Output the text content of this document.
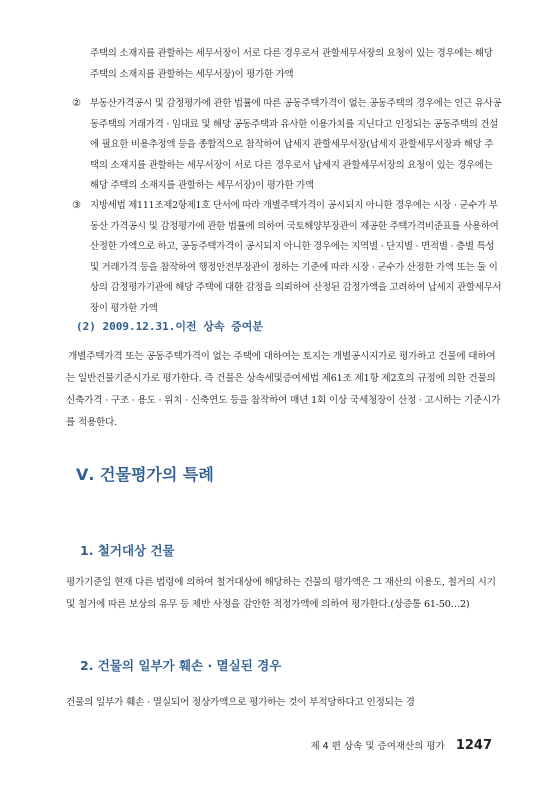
주택의 소재지를 관할하는 세무서장이 서로 다른 경우로서 관할세무서장의 요청이 있는 경우에는 해당 주택의 소재지를 관할하는 세무서장)이 평가한 가액
② 부동산가격공시 및 감정평가에 관한 법률에 따른 공동주택가격이 없는 공동주택의 경우에는 인근 유사공동주택의 거래가격 · 임대료 및 해당 공동주택과 유사한 이용가치를 지닌다고 인정되는 공동주택의 건설에 필요한 비용추정액 등을 종합적으로 참작하여 납세지 관할세무서장(납세지 관할세무서장과 해당 주택의 소재지를 관할하는 세무서장이 서로 다른 경우로서 납세지 관할세무서장의 요청이 있는 경우에는 해당 주택의 소재지를 관할하는 세무서장)이 평가한 가액
③ 지방세법 제111조제2항제1호 단서에 따라 개별주택가격이 공시되지 아니한 경우에는 시장 · 군수가 부동산 가격공시 및 감정평가에 관한 법률에 의하여 국토해양부장관이 제공한 주택가격비준표를 사용하여 산정한 가액으로 하고, 공동주택가격이 공시되지 아니한 경우에는 지역별 · 단지별 · 면적별 · 층별 특성 및 거래가격 등을 참작하여 행정안전부장관이 정하는 기준에 따라 시장 · 군수가 산정한 가액 또는 둘 이상의 감정평가기관에 해당 주택에 대한 감정을 의뢰하여 산정된 감정가액을 고려하여 납세지 관할세무서장이 평가한 가액
(2) 2009.12.31.이전 상속 증여분
개별주택가격 또는 공동주택가격이 없는 주택에 대하여는 토지는 개별공시지가로 평가하고 건물에 대하여는 일반건물기준시가로 평가한다. 즉 건물은 상속세및증여세법 제61조 제1항 제2호의 규정에 의한 건물의 신축가격 · 구조 · 용도 · 위치 · 신축연도 등을 참작하여 매년 1회 이상 국세청장이 산정 · 고시하는 기준시가를 적용한다.
Ⅴ. 건물평가의 특례
1. 철거대상 건물
평가기준일 현재 다른 법령에 의하여 철거대상에 해당하는 건물의 평가액은 그 재산의 이용도, 철거의 시기 및 철거에 따른 보상의 유무 등 제반 사정을 감안한 적정가액에 의하여 평가한다.(상증통 61-50…2)
2. 건물의 일부가 훼손 · 멸실된 경우
건물의 일부가 훼손 · 멸실되어 정상가액으로 평가하는 것이 부적당하다고 인정되는 경
제 4 편 상속 및 증여재산의 평가 1247
